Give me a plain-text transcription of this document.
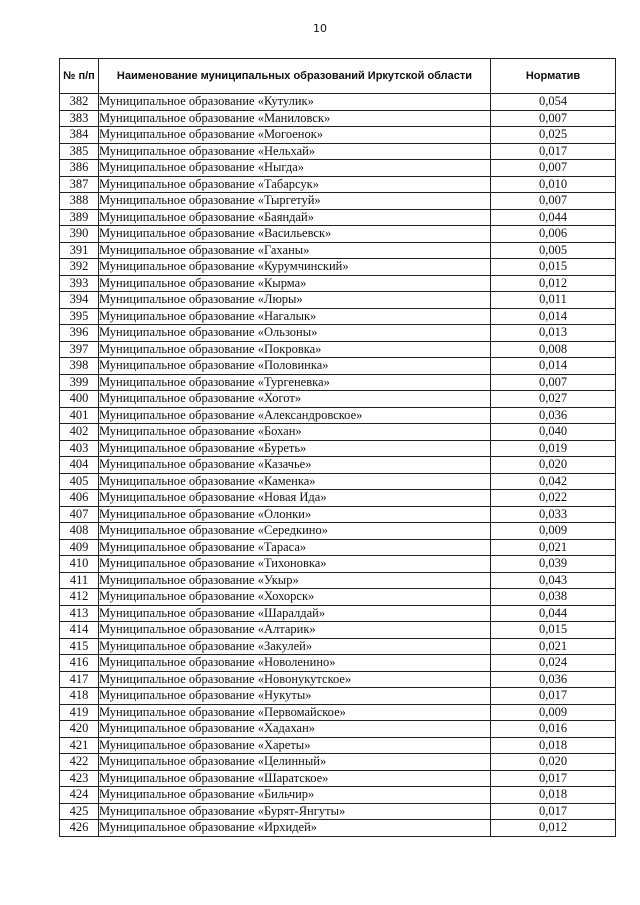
10
№ п/п	Наименование муниципальных образований Иркутской области	Норматив
382	Муниципальное образование «Кутулик»	0,054
383	Муниципальное образование «Маниловск»	0,007
384	Муниципальное образование «Могоенок»	0,025
385	Муниципальное образование «Нельхай»	0,017
386	Муниципальное образование «Ныгда»	0,007
387	Муниципальное образование «Табарсук»	0,010
388	Муниципальное образование «Тыргетуй»	0,007
389	Муниципальное образование «Баяндай»	0,044
390	Муниципальное образование «Васильевск»	0,006
391	Муниципальное образование «Гаханы»	0,005
392	Муниципальное образование «Курумчинский»	0,015
393	Муниципальное образование «Кырма»	0,012
394	Муниципальное образование «Люры»	0,011
395	Муниципальное образование «Нагалык»	0,014
396	Муниципальное образование «Ользоны»	0,013
397	Муниципальное образование «Покровка»	0,008
398	Муниципальное образование «Половинка»	0,014
399	Муниципальное образование «Тургеневка»	0,007
400	Муниципальное образование «Хогот»	0,027
401	Муниципальное образование «Александровское»	0,036
402	Муниципальное образование «Бохан»	0,040
403	Муниципальное образование «Буреть»	0,019
404	Муниципальное образование «Казачье»	0,020
405	Муниципальное образование «Каменка»	0,042
406	Муниципальное образование «Новая Ида»	0,022
407	Муниципальное образование «Олонки»	0,033
408	Муниципальное образование «Середкино»	0,009
409	Муниципальное образование «Тараса»	0,021
410	Муниципальное образование «Тихоновка»	0,039
411	Муниципальное образование «Укыр»	0,043
412	Муниципальное образование «Хохорск»	0,038
413	Муниципальное образование «Шаралдай»	0,044
414	Муниципальное образование «Алтарик»	0,015
415	Муниципальное образование «Закулей»	0,021
416	Муниципальное образование «Новоленино»	0,024
417	Муниципальное образование «Новонукутское»	0,036
418	Муниципальное образование «Нукуты»	0,017
419	Муниципальное образование «Первомайское»	0,009
420	Муниципальное образование «Хадахан»	0,016
421	Муниципальное образование «Хареты»	0,018
422	Муниципальное образование «Целинный»	0,020
423	Муниципальное образование «Шаратское»	0,017
424	Муниципальное образование «Бильчир»	0,018
425	Муниципальное образование «Бурят-Янгуты»	0,017
426	Муниципальное образование «Ирхидей»	0,012
